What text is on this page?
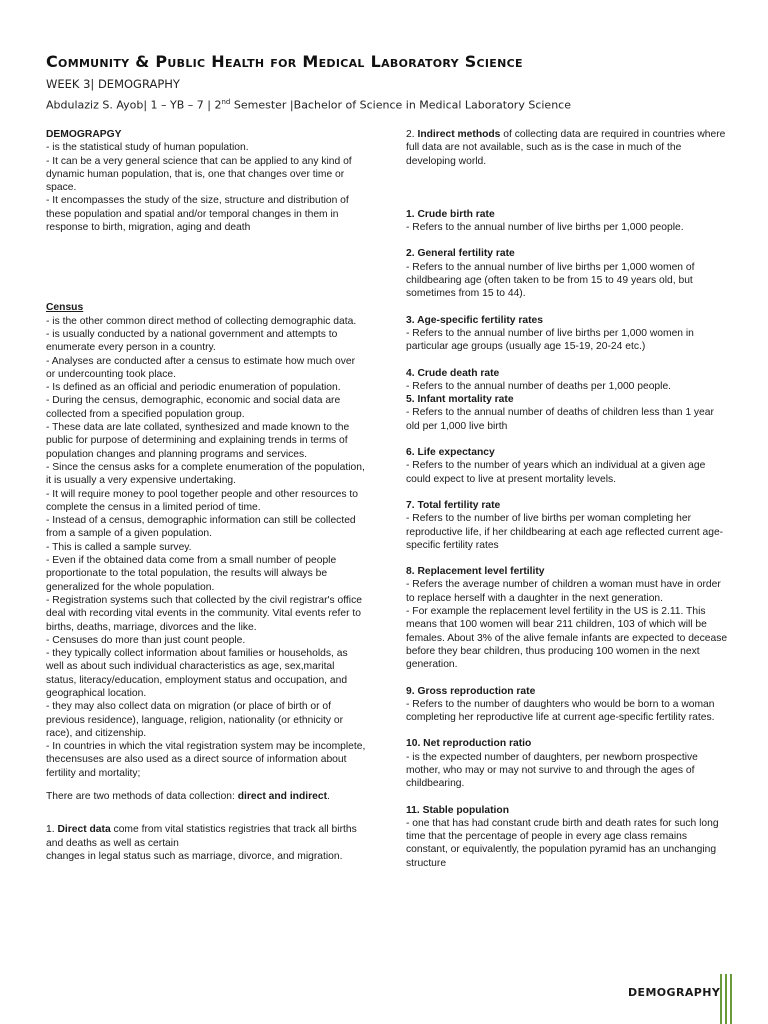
Community & Public Health for Medical Laboratory Science

WEEK 3| DEMOGRAPHY

Abdulaziz S. Ayob| 1 – YB – 7 | 2nd Semester |Bachelor of Science in Medical Laboratory Science

DEMOGRAPGY

- is the statistical study of human population.

- It can be a very general science that can be applied to any kind of dynamic human population, that is, one that changes over time or space.

- It encompasses the study of the size, structure and distribution of these population and spatial and/or temporal changes in them in response to birth, migration, aging and death

Census

- is the other common direct method of collecting demographic data.

- is usually conducted by a national government and attempts to enumerate every person in a country.

- Analyses are conducted after a census to estimate how much over or undercounting took place.

- Is defined as an official and periodic enumeration of population.

- During the census, demographic, economic and social data are collected from a specified population group.

- These data are late collated, synthesized and made known to the public for purpose of determining and explaining trends in terms of population changes and planning programs and services.

- Since the census asks for a complete enumeration of the population, it is usually a very expensive undertaking.

- It will require money to pool together people and other resources to complete the census in a limited period of time.

- Instead of a census, demographic information can still be collected from a sample of a given population.

- This is called a sample survey.

- Even if the obtained data come from a small number of people proportionate to the total population, the results will always be generalized for the whole population.

- Registration systems such that collected by the civil registrar's office deal with recording vital events in the community. Vital events refer to births, deaths, marriage, divorces and the like.

- Censuses do more than just count people.

- they typically collect information about families or households, as well as about such individual characteristics as age, sex,marital status, literacy/education, employment status and occupation, and geographical location.

- they may also collect data on migration (or place of birth or of previous residence), language, religion, nationality (or ethnicity or race), and citizenship.

- In countries in which the vital registration system may be incomplete, thecensuses are also used as a direct source of information about fertility and mortality;

There are two methods of data collection: direct and indirect.

1. Direct data come from vital statistics registries that track all births and deaths as well as certain

changes in legal status such as marriage, divorce, and migration.

2. Indirect methods of collecting data are required in countries where full data are not available, such as is the case in much of the developing world.

1. Crude birth rate

- Refers to the annual number of live births per 1,000 people.

2. General fertility rate

- Refers to the annual number of live births per 1,000 women of childbearing age (often taken to be from 15 to 49 years old, but sometimes from 15 to 44).

3. Age-specific fertility rates

- Refers to the annual number of live births per 1,000 women in particular age groups (usually age 15-19, 20-24 etc.)

4. Crude death rate

- Refers to the annual number of deaths per 1,000 people.

5. Infant mortality rate

- Refers to the annual number of deaths of children less than 1 year old per 1,000 live birth

6. Life expectancy

- Refers to the number of years which an individual at a given age could expect to live at present mortality levels.

7. Total fertility rate

- Refers to the number of live births per woman completing her reproductive life, if her childbearing at each age reflected current age-specific fertility rates

8. Replacement level fertility

- Refers the average number of children a woman must have in order to replace herself with a daughter in the next generation.

- For example the replacement level fertility in the US is 2.11. This means that 100 women will bear 211 children, 103 of which will be females. About 3% of the alive female infants are expected to decease before they bear children, thus producing 100 women in the next generation.

9. Gross reproduction rate

- Refers to the number of daughters who would be born to a woman completing her reproductive life at current age-specific fertility rates.

10. Net reproduction ratio

- is the expected number of daughters, per newborn prospective mother, who may or may not survive to and through the ages of childbearing.

11. Stable population

- one that has had constant crude birth and death rates for such long time that the percentage of people in every age class remains constant, or equivalently, the population pyramid has an unchanging structure

DEMOGRAPHY
